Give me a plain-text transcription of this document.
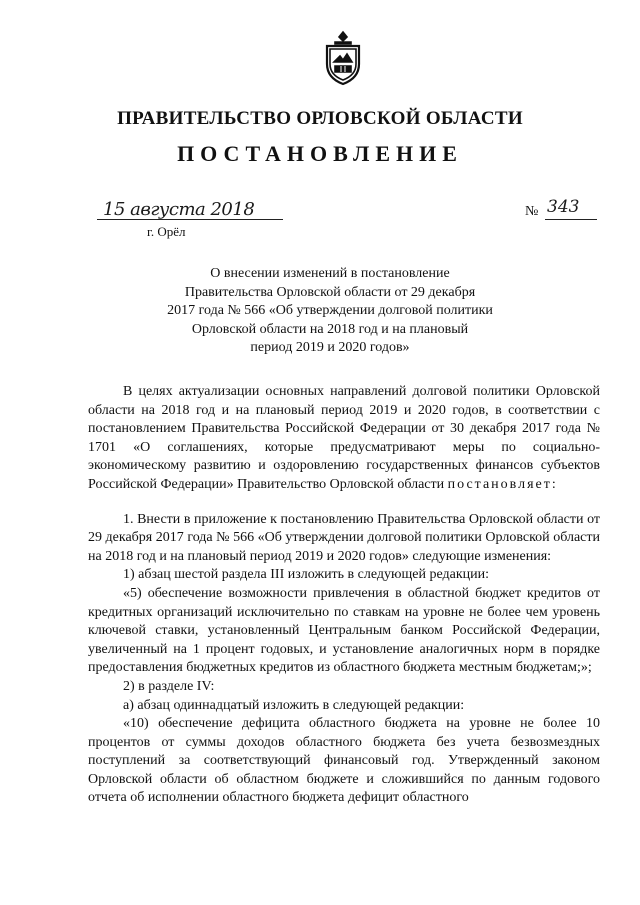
ПРАВИТЕЛЬСТВО ОРЛОВСКОЙ ОБЛАСТИ
ПОСТАНОВЛЕНИЕ
15 августа 2018
г. Орёл
№ 343
О внесении изменений в постановление
Правительства Орловской области от 29 декабря
2017 года № 566 «Об утверждении долговой политики
Орловской области на 2018 год и на плановый
период 2019 и 2020 годов»

В целях актуализации основных направлений долговой политики Орловской области на 2018 год и на плановый период 2019 и 2020 годов, в соответствии с постановлением Правительства Российской Федерации от 30 декабря 2017 года № 1701 «О соглашениях, которые предусматривают меры по социально-экономическому развитию и оздоровлению государственных финансов субъектов Российской Федерации» Правительство Орловской области постановляет:

1. Внести в приложение к постановлению Правительства Орловской области от 29 декабря 2017 года № 566 «Об утверждении долговой политики Орловской области на 2018 год и на плановый период 2019 и 2020 годов» следующие изменения:

1) абзац шестой раздела III изложить в следующей редакции:

«5) обеспечение возможности привлечения в областной бюджет кредитов от кредитных организаций исключительно по ставкам на уровне не более чем уровень ключевой ставки, установленный Центральным банком Российской Федерации, увеличенный на 1 процент годовых, и установление аналогичных норм в порядке предоставления бюджетных кредитов из областного бюджета местным бюджетам;»;

2) в разделе IV:

а) абзац одиннадцатый изложить в следующей редакции:

«10) обеспечение дефицита областного бюджета на уровне не более 10 процентов от суммы доходов областного бюджета без учета безвозмездных поступлений за соответствующий финансовый год. Утвержденный законом Орловской области об областном бюджете и сложившийся по данным годового отчета об исполнении областного бюджета дефицит областного
